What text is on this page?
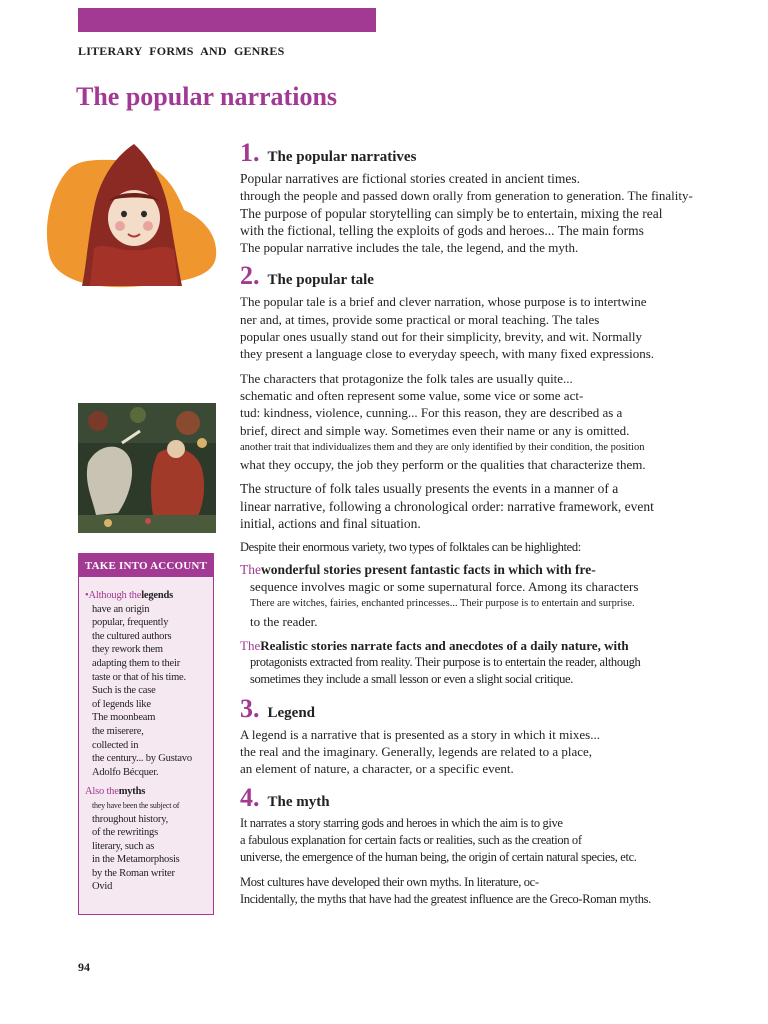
LITERARY FORMS AND GENRES
The popular narrations
1. The popular narratives
Popular narratives are fictional stories created in ancient times.
through the people and passed down orally from generation to generation. The finality-
The purpose of popular storytelling can simply be to entertain, mixing the real
with the fictional, telling the exploits of gods and heroes... The main forms
The popular narrative includes the tale, the legend, and the myth.
2. The popular tale
The popular tale is a brief and clever narration, whose purpose is to intertwine
ner and, at times, provide some practical or moral teaching. The tales
popular ones usually stand out for their simplicity, brevity, and wit. Normally
they present a language close to everyday speech, with many fixed expressions.
The characters that protagonize the folk tales are usually quite...
schematic and often represent some value, some vice or some act-
tud: kindness, violence, cunning... For this reason, they are described as a
brief, direct and simple way. Sometimes even their name or any is omitted.
another trait that individualizes them and they are only identified by their condition, the position
what they occupy, the job they perform or the qualities that characterize them.
The structure of folk tales usually presents the events in a manner of a
linear narrative, following a chronological order: narrative framework, event
initial, actions and final situation.
Despite their enormous variety, two types of folktales can be highlighted:
Thewonderful stories present fantastic facts in which with fre-
sequence involves magic or some supernatural force. Among its characters
There are witches, fairies, enchanted princesses... Their purpose is to entertain and surprise.
to the reader.
TheRealistic stories narrate facts and anecdotes of a daily nature, with
protagonists extracted from reality. Their purpose is to entertain the reader, although
sometimes they include a small lesson or even a slight social critique.
3. Legend
A legend is a narrative that is presented as a story in which it mixes...
the real and the imaginary. Generally, legends are related to a place,
an element of nature, a character, or a specific event.
4. The myth
It narrates a story starring gods and heroes in which the aim is to give
a fabulous explanation for certain facts or realities, such as the creation of
universe, the emergence of the human being, the origin of certain natural species, etc.
Most cultures have developed their own myths. In literature, oc-
Incidentally, the myths that have had the greatest influence are the Greco-Roman myths.
TAKE INTO ACCOUNT
•Although thelegends
have an origin
popular, frequently
the cultured authors
they rework them
adapting them to their
taste or that of his time.
Such is the case
of legends like
The moonbeam
the miserere,
collected in
the century... by Gustavo
Adolfo Bécquer.
Also themyths
they have been the subject of
throughout history,
of the rewritings
literary, such as
in the Metamorphosis
by the Roman writer
Ovid
94
